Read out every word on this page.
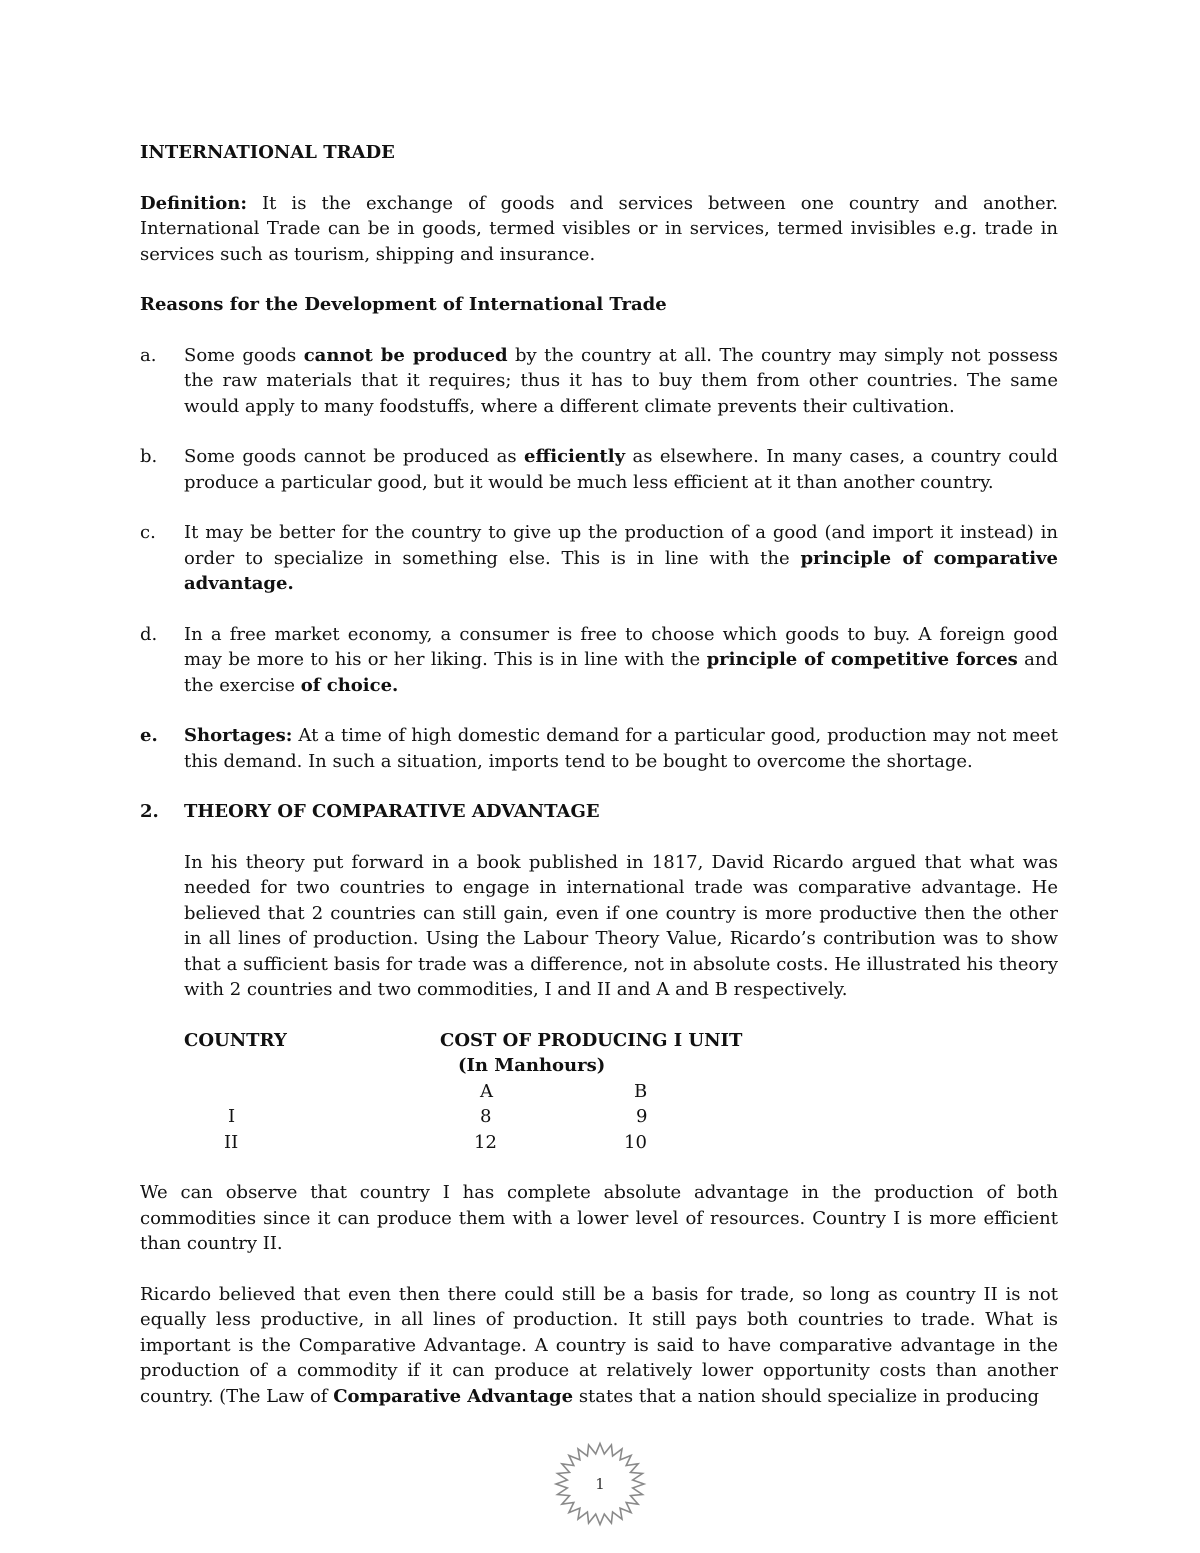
INTERNATIONAL TRADE

Definition: It is the exchange of goods and services between one country and another. International Trade can be in goods, termed visibles or in services, termed invisibles e.g. trade in services such as tourism, shipping and insurance.

Reasons for the Development of International Trade

a.	Some goods cannot be produced by the country at all. The country may simply not possess the raw materials that it requires; thus it has to buy them from other countries. The same would apply to many foodstuffs, where a different climate prevents their cultivation.
b.	Some goods cannot be produced as efficiently as elsewhere. In many cases, a country could produce a particular good, but it would be much less efficient at it than another country.
c.	It may be better for the country to give up the production of a good (and import it instead) in order to specialize in something else. This is in line with the principle of comparative advantage.
d.	In a free market economy, a consumer is free to choose which goods to buy. A foreign good may be more to his or her liking. This is in line with the principle of competitive forces and the exercise of choice.
e.	Shortages: At a time of high domestic demand for a particular good, production may not meet this demand. In such a situation, imports tend to be bought to overcome the shortage.
2.	THEORY OF COMPARATIVE ADVANTAGE

In his theory put forward in a book published in 1817, David Ricardo argued that what was needed for two countries to engage in international trade was comparative advantage. He believed that 2 countries can still gain, even if one country is more productive then the other in all lines of production. Using the Labour Theory Value, Ricardo’s contribution was to show that a sufficient basis for trade was a difference, not in absolute costs. He illustrated his theory with 2 countries and two commodities, I and II and A and B respectively.

COUNTRY	COST OF PRODUCING I UNIT	
	(In Manhours)	
	A	B
I	8	9
II	12	10

We can observe that country I has complete absolute advantage in the production of both commodities since it can produce them with a lower level of resources. Country I is more efficient than country II.

Ricardo believed that even then there could still be a basis for trade, so long as country II is not equally less productive, in all lines of production. It still pays both countries to trade. What is important is the Comparative Advantage. A country is said to have comparative advantage in the production of a commodity if it can produce at relatively lower opportunity costs than another country. (The Law of Comparative Advantage states that a nation should specialize in producing

1
